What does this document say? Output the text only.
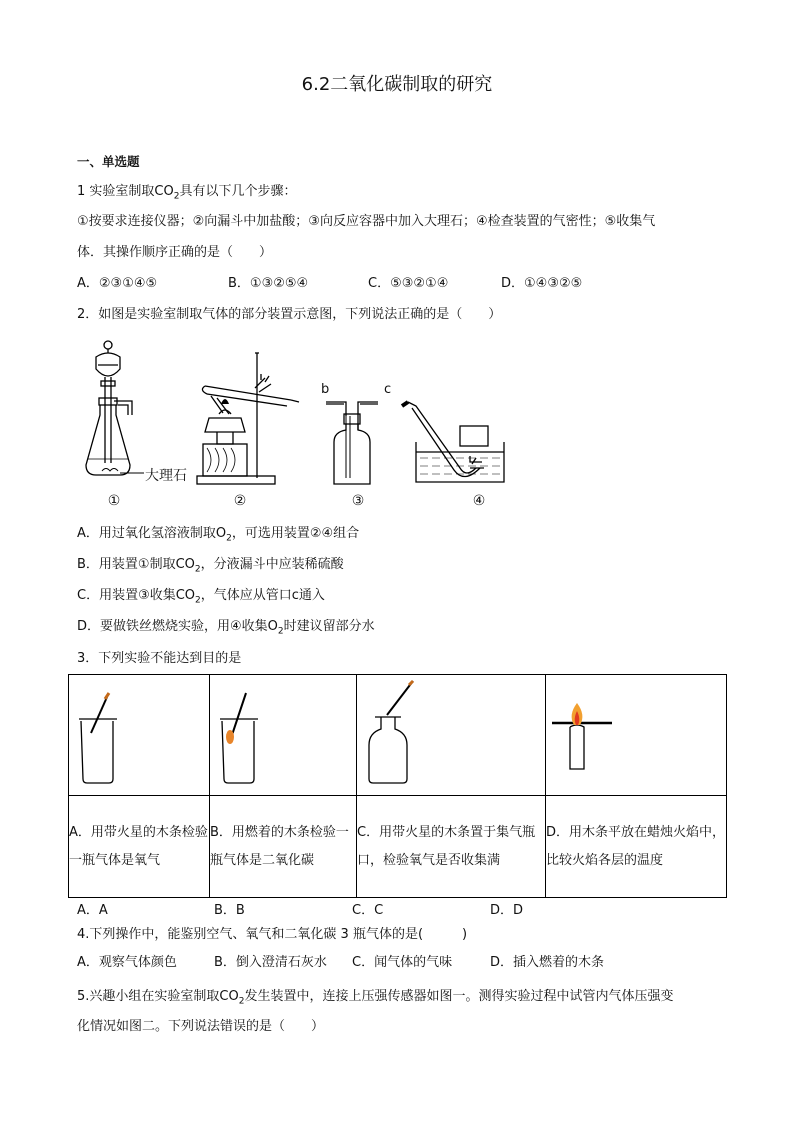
6.2二氧化碳制取的研究
一、单选题
1 实验室制取$CO_2$具有以下几个步骤：
①按要求连接仪器；②向漏斗中加盐酸；③向反应容器中加入大理石；④检查装置的气密性；⑤收集气
体．其操作顺序正确的是（　　）
A．②③①④⑤	B．①③②⑤④	C．⑤③②①④	D．①④③②⑤
2．如图是实验室制取气体的部分装置示意图，下列说法正确的是（　　）
大理石
b	c
①	②	③	④
A．用过氧化氢溶液制取$O_2$，可选用装置②④组合
B．用装置①制取$CO_2$，分液漏斗中应装稀硫酸
C．用装置③收集$CO_2$，气体应从管口c通入
D．要做铁丝燃烧实验，用④收集$O_2$时建议留部分水
3．下列实验不能达到目的是

A．用带火星的木条检验一瓶气体是氧气	B．用燃着的木条检验一瓶气体是二氧化碳	C．用带火星的木条置于集气瓶口，检验氧气是否收集满	D．用木条平放在蜡烛火焰中，比较火焰各层的温度
A．A	B．B	C．C	D．D
4.下列操作中，能鉴别空气、氧气和二氧化碳 3 瓶气体的是(　　　)
A．观察气体颜色	B．倒入澄清石灰水 C．闻气体的气味	D．插入燃着的木条
5.兴趣小组在实验室制取$CO_2$发生装置中，连接上压强传感器如图一。测得实验过程中试管内气体压强变
化情况如图二。下列说法错误的是（　　）
